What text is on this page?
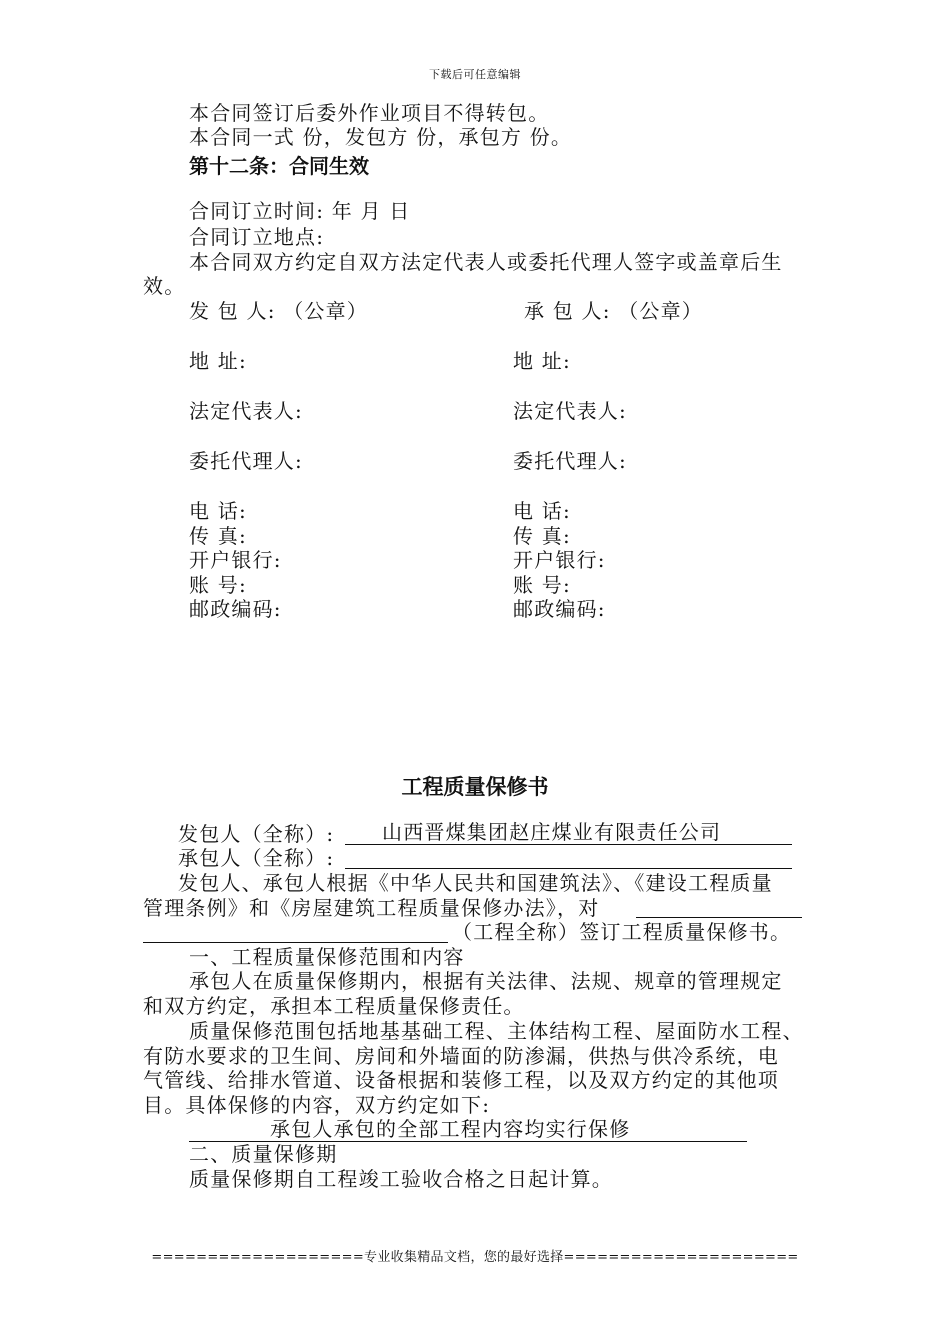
下载后可任意编辑
本合同签订后委外作业项目不得转包。
本合同一式 份，发包方 份，承包方 份。
第十二条：合同生效
合同订立时间: 年 月 日
合同订立地点:
本合同双方约定自双方法定代表人或委托代理人签字或盖章后生
效。
发 包 人: （公章）	承 包 人: （公章）
地 址:	地 址:
法定代表人:	法定代表人:
委托代理人:	委托代理人:
电 话:	电 话:
传 真:	传 真:
开户银行:	开户银行:
账 号:	账 号:
邮政编码:	邮政编码:
工程质量保修书
发包人（全称）: 山西晋煤集团赵庄煤业有限责任公司
承包人（全称）:
发包人、承包人根据《中华人民共和国建筑法》、《建设工程质量
管理条例》和《房屋建筑工程质量保修办法》，对
（工程全称）签订工程质量保修书。
一、工程质量保修范围和内容
承包人在质量保修期内，根据有关法律、法规、规章的管理规定
和双方约定，承担本工程质量保修责任。
质量保修范围包括地基基础工程、主体结构工程、屋面防水工程、
有防水要求的卫生间、房间和外墙面的防渗漏，供热与供冷系统，电
气管线、给排水管道、设备根据和装修工程，以及双方约定的其他项
目。具体保修的内容，双方约定如下:
承包人承包的全部工程内容均实行保修
二、质量保修期
质量保修期自工程竣工验收合格之日起计算。
===================专业收集精品文档，您的最好选择=====================
